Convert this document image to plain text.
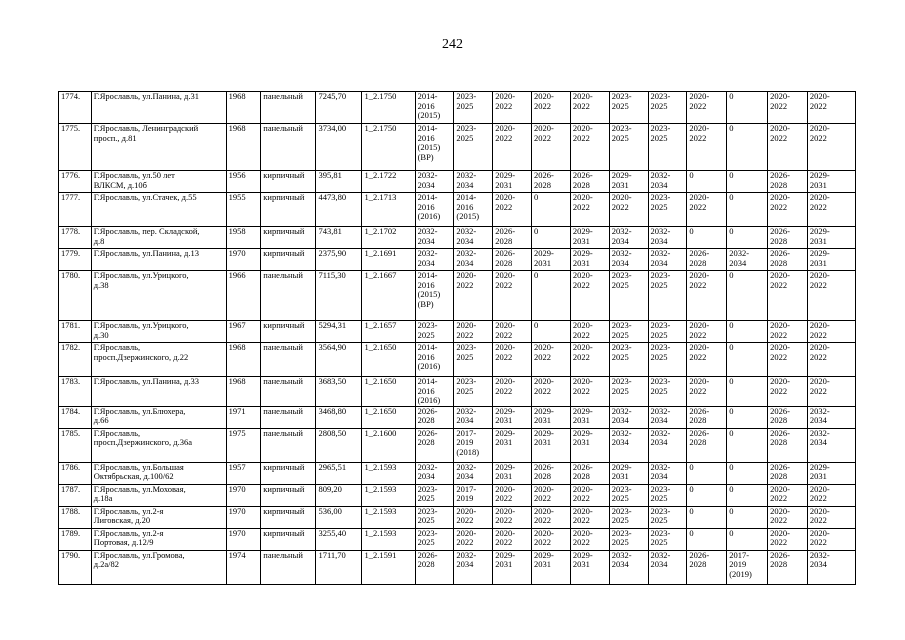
242
1774.	Г.Ярославль, ул.Панина, д.31	1968	панельный	7245,70	1_2.1750	2014-
2016
(2015)	2023-
2025	2020-
2022	2020-
2022	2020-
2022	2023-
2025	2023-
2025	2020-
2022	0	2020-
2022	2020-
2022
1775.	Г.Ярославль, Ленинградский
просп., д.81	1968	панельный	3734,00	1_2.1750	2014-
2016
(2015)
(ВР)	2023-
2025	2020-
2022	2020-
2022	2020-
2022	2023-
2025	2023-
2025	2020-
2022	0	2020-
2022	2020-
2022
1776.	Г.Ярославль, ул.50 лет
ВЛКСМ, д.10б	1956	кирпичный	395,81	1_2.1722	2032-
2034	2032-
2034	2029-
2031	2026-
2028	2026-
2028	2029-
2031	2032-
2034	0	0	2026-
2028	2029-
2031
1777.	Г.Ярославль, ул.Стачек, д.55	1955	кирпичный	4473,80	1_2.1713	2014-
2016
(2016)	2014-
2016
(2015)	2020-
2022	0	2020-
2022	2020-
2022	2023-
2025	2020-
2022	0	2020-
2022	2020-
2022
1778.	Г.Ярославль, пер. Складской,
д.8	1958	кирпичный	743,81	1_2.1702	2032-
2034	2032-
2034	2026-
2028	0	2029-
2031	2032-
2034	2032-
2034	0	0	2026-
2028	2029-
2031
1779.	Г.Ярославль, ул.Панина, д.13	1970	кирпичный	2375,90	1_2.1691	2032-
2034	2032-
2034	2026-
2028	2029-
2031	2029-
2031	2032-
2034	2032-
2034	2026-
2028	2032-
2034	2026-
2028	2029-
2031
1780.	Г.Ярославль, ул.Урицкого,
д.38	1966	панельный	7115,30	1_2.1667	2014-
2016
(2015)
(ВР)	2020-
2022	2020-
2022	0	2020-
2022	2023-
2025	2023-
2025	2020-
2022	0	2020-
2022	2020-
2022
1781.	Г.Ярославль, ул.Урицкого,
д.30	1967	кирпичный	5294,31	1_2.1657	2023-
2025	2020-
2022	2020-
2022	0	2020-
2022	2023-
2025	2023-
2025	2020-
2022	0	2020-
2022	2020-
2022
1782.	Г.Ярославль,
просп.Дзержинского, д.22	1968	панельный	3564,90	1_2.1650	2014-
2016
(2016)	2023-
2025	2020-
2022	2020-
2022	2020-
2022	2023-
2025	2023-
2025	2020-
2022	0	2020-
2022	2020-
2022
1783.	Г.Ярославль, ул.Панина, д.33	1968	панельный	3683,50	1_2.1650	2014-
2016
(2016)	2023-
2025	2020-
2022	2020-
2022	2020-
2022	2023-
2025	2023-
2025	2020-
2022	0	2020-
2022	2020-
2022
1784.	Г.Ярославль, ул.Блюхера,
д.66	1971	панельный	3468,80	1_2.1650	2026-
2028	2032-
2034	2029-
2031	2029-
2031	2029-
2031	2032-
2034	2032-
2034	2026-
2028	0	2026-
2028	2032-
2034
1785.	Г.Ярославль,
просп.Дзержинского, д.36а	1975	панельный	2808,50	1_2.1600	2026-
2028	2017-
2019
(2018)	2029-
2031	2029-
2031	2029-
2031	2032-
2034	2032-
2034	2026-
2028	0	2026-
2028	2032-
2034
1786.	Г.Ярославль, ул.Большая
Октябрьская, д.100/62	1957	кирпичный	2965,51	1_2.1593	2032-
2034	2032-
2034	2029-
2031	2026-
2028	2026-
2028	2029-
2031	2032-
2034	0	0	2026-
2028	2029-
2031
1787.	Г.Ярославль, ул.Моховая,
д.18а	1970	кирпичный	809,20	1_2.1593	2023-
2025	2017-
2019	2020-
2022	2020-
2022	2020-
2022	2023-
2025	2023-
2025	0	0	2020-
2022	2020-
2022
1788.	Г.Ярославль, ул.2-я
Лиговская, д.20	1970	кирпичный	536,00	1_2.1593	2023-
2025	2020-
2022	2020-
2022	2020-
2022	2020-
2022	2023-
2025	2023-
2025	0	0	2020-
2022	2020-
2022
1789.	Г.Ярославль, ул.2-я
Портовая, д.12/9	1970	кирпичный	3255,40	1_2.1593	2023-
2025	2020-
2022	2020-
2022	2020-
2022	2020-
2022	2023-
2025	2023-
2025	0	0	2020-
2022	2020-
2022
1790.	Г.Ярославль, ул.Громова,
д.2а/82	1974	панельный	1711,70	1_2.1591	2026-
2028	2032-
2034	2029-
2031	2029-
2031	2029-
2031	2032-
2034	2032-
2034	2026-
2028	2017-
2019
(2019)	2026-
2028	2032-
2034
